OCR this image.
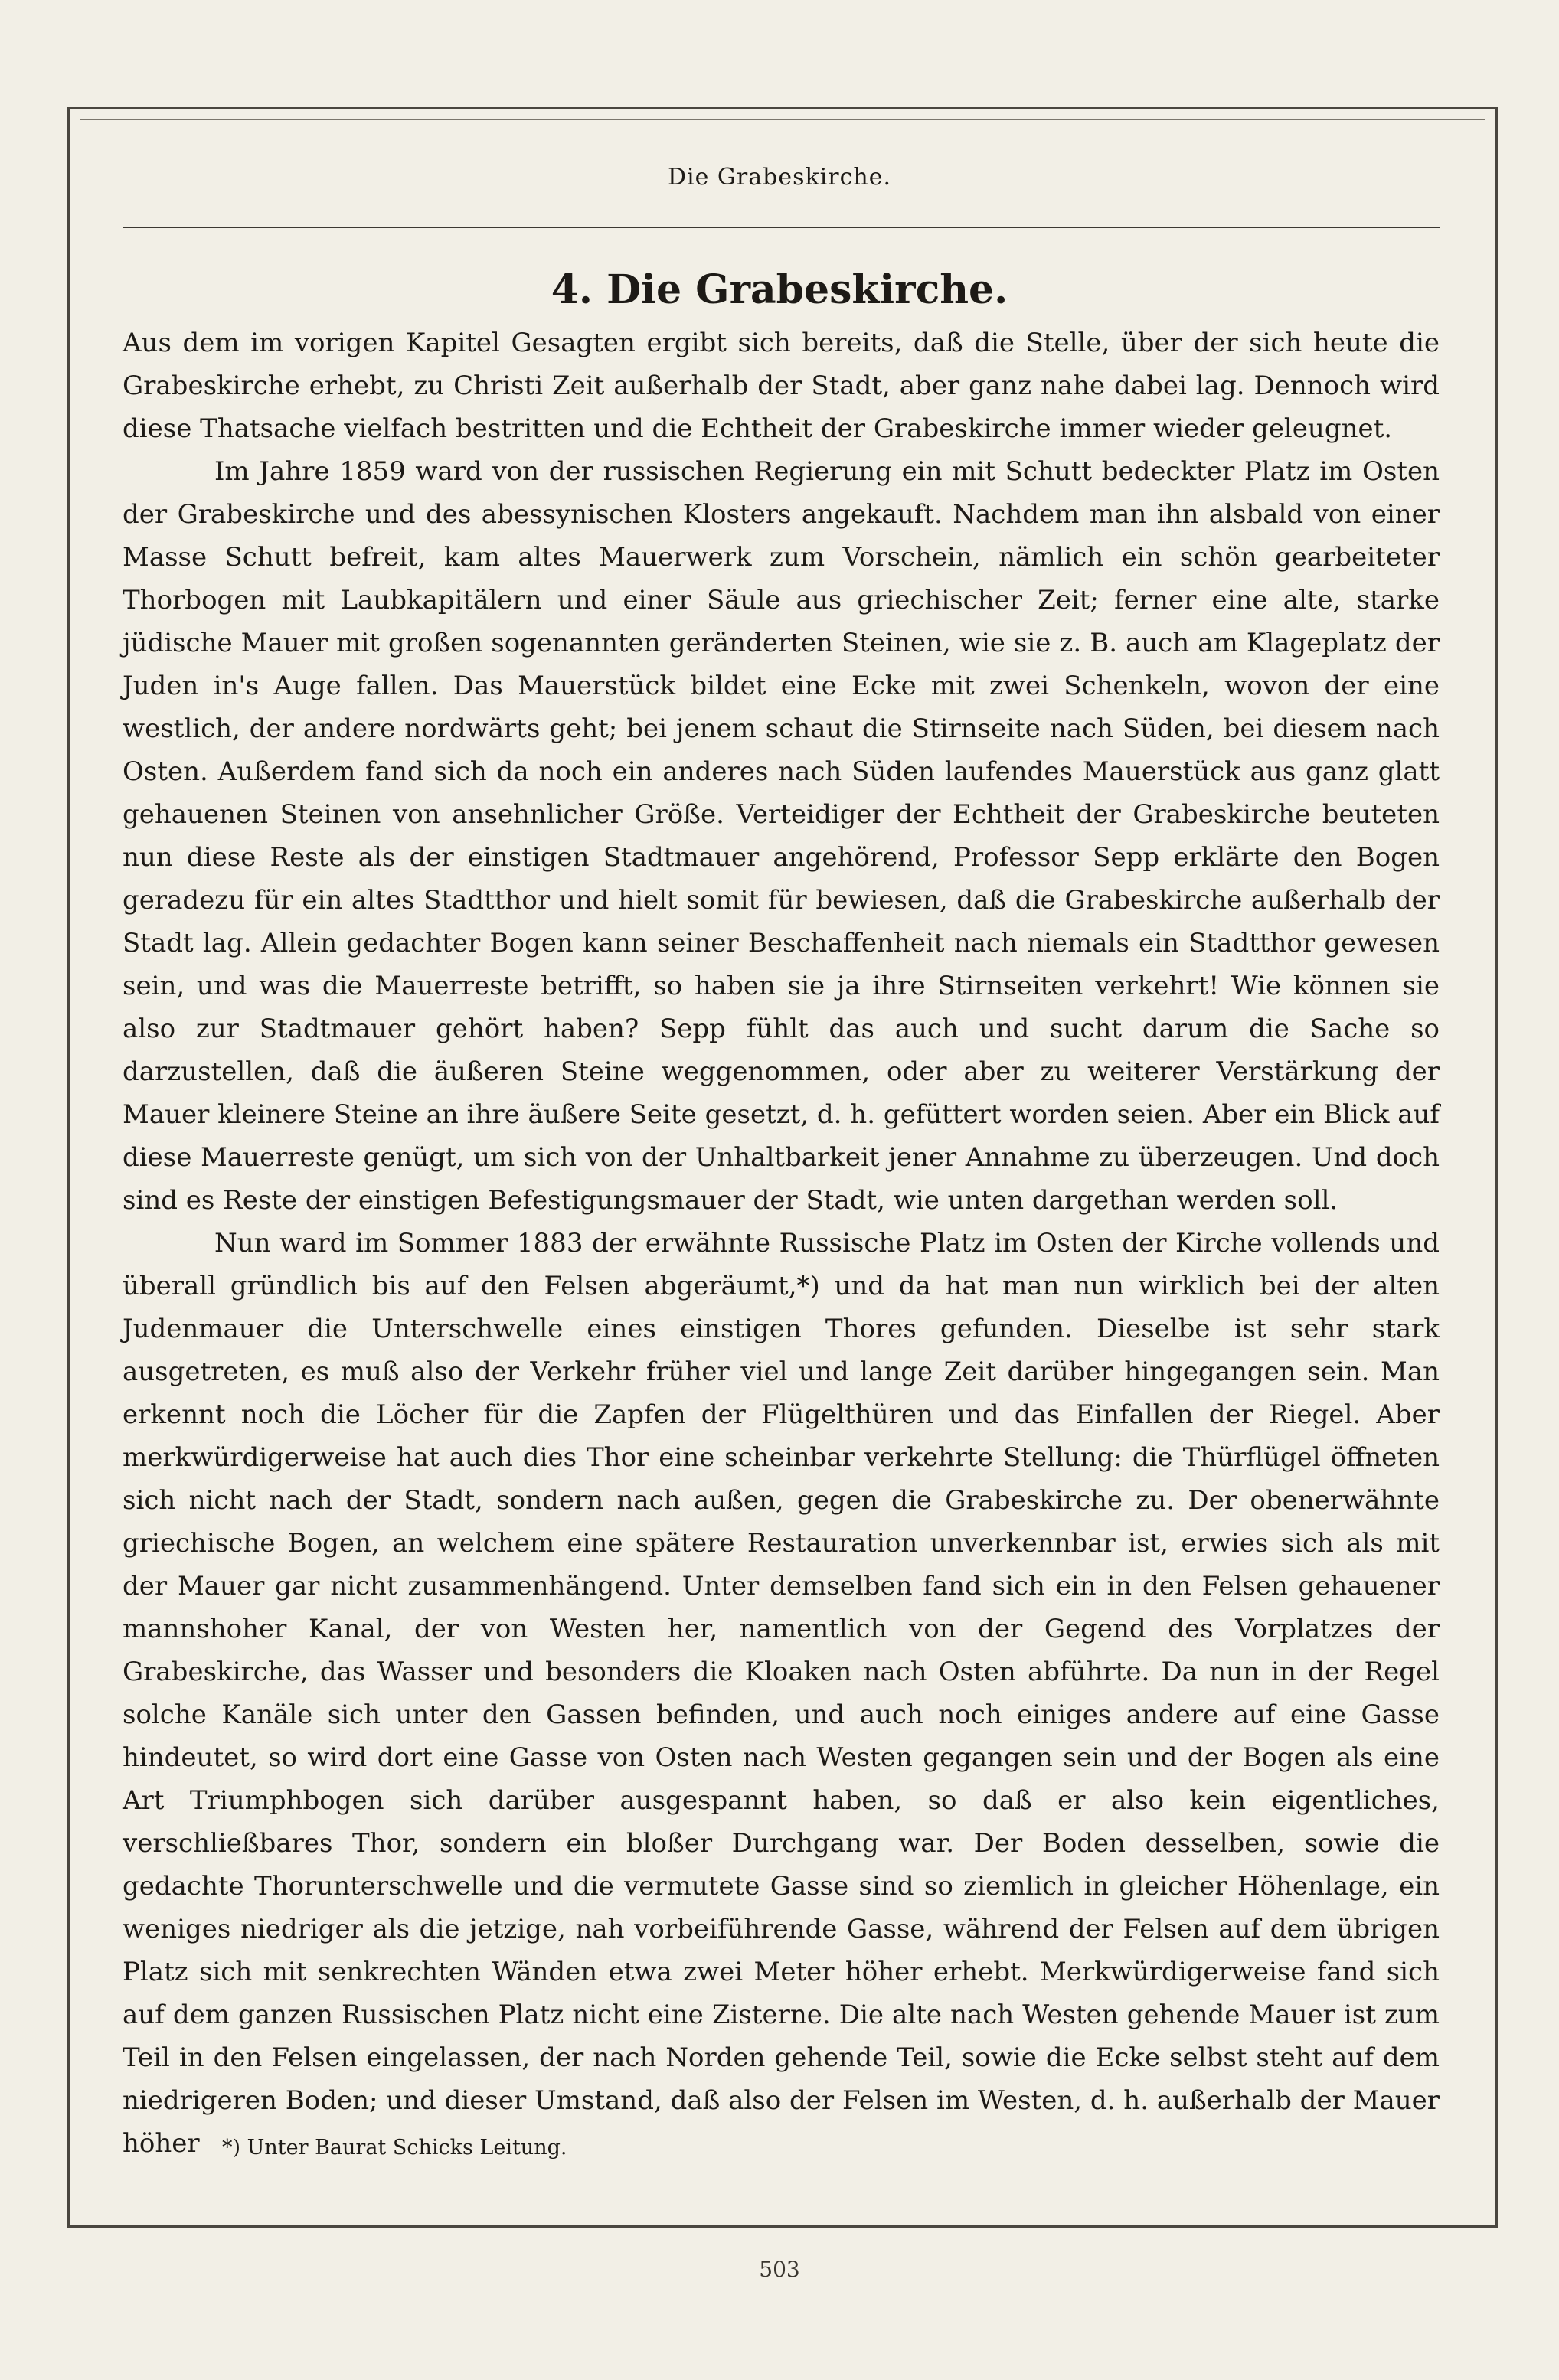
Die Grabeskirche.
4. Die Grabeskirche.

Aus dem im vorigen Kapitel Gesagten ergibt sich bereits, daß die Stelle, über der sich heute die Grabeskirche erhebt, zu Christi Zeit außerhalb der Stadt, aber ganz nahe dabei lag. Dennoch wird diese Thatsache vielfach bestritten und die Echtheit der Grabeskirche immer wieder geleugnet.

Im Jahre 1859 ward von der russischen Regierung ein mit Schutt bedeckter Platz im Osten der Grabeskirche und des abessynischen Klosters angekauft. Nachdem man ihn alsbald von einer Masse Schutt befreit, kam altes Mauerwerk zum Vorschein, nämlich ein schön gearbeiteter Thorbogen mit Laubkapitälern und einer Säule aus griechischer Zeit; ferner eine alte, starke jüdische Mauer mit großen sogenannten geränderten Steinen, wie sie z. B. auch am Klageplatz der Juden in's Auge fallen. Das Mauerstück bildet eine Ecke mit zwei Schenkeln, wovon der eine westlich, der andere nordwärts geht; bei jenem schaut die Stirnseite nach Süden, bei diesem nach Osten. Außerdem fand sich da noch ein anderes nach Süden laufendes Mauerstück aus ganz glatt gehauenen Steinen von ansehnlicher Größe. Verteidiger der Echtheit der Grabeskirche beuteten nun diese Reste als der einstigen Stadtmauer angehörend, Professor Sepp erklärte den Bogen geradezu für ein altes Stadtthor und hielt somit für bewiesen, daß die Grabeskirche außerhalb der Stadt lag. Allein gedachter Bogen kann seiner Beschaffenheit nach niemals ein Stadtthor gewesen sein, und was die Mauerreste betrifft, so haben sie ja ihre Stirnseiten verkehrt! Wie können sie also zur Stadtmauer gehört haben? Sepp fühlt das auch und sucht darum die Sache so darzustellen, daß die äußeren Steine weggenommen, oder aber zu weiterer Verstärkung der Mauer kleinere Steine an ihre äußere Seite gesetzt, d. h. gefüttert worden seien. Aber ein Blick auf diese Mauerreste genügt, um sich von der Unhaltbarkeit jener Annahme zu überzeugen. Und doch sind es Reste der einstigen Befestigungsmauer der Stadt, wie unten dargethan werden soll.

Nun ward im Sommer 1883 der erwähnte Russische Platz im Osten der Kirche vollends und überall gründlich bis auf den Felsen abgeräumt,*) und da hat man nun wirklich bei der alten Judenmauer die Unterschwelle eines einstigen Thores gefunden. Dieselbe ist sehr stark ausgetreten, es muß also der Verkehr früher viel und lange Zeit darüber hingegangen sein. Man erkennt noch die Löcher für die Zapfen der Flügelthüren und das Einfallen der Riegel. Aber merkwürdigerweise hat auch dies Thor eine scheinbar verkehrte Stellung: die Thürflügel öffneten sich nicht nach der Stadt, sondern nach außen, gegen die Grabeskirche zu. Der obenerwähnte griechische Bogen, an welchem eine spätere Restauration unverkennbar ist, erwies sich als mit der Mauer gar nicht zusammenhängend. Unter demselben fand sich ein in den Felsen gehauener mannshoher Kanal, der von Westen her, namentlich von der Gegend des Vorplatzes der Grabeskirche, das Wasser und besonders die Kloaken nach Osten abführte. Da nun in der Regel solche Kanäle sich unter den Gassen befinden, und auch noch einiges andere auf eine Gasse hindeutet, so wird dort eine Gasse von Osten nach Westen gegangen sein und der Bogen als eine Art Triumphbogen sich darüber ausgespannt haben, so daß er also kein eigentliches, verschließbares Thor, sondern ein bloßer Durchgang war. Der Boden desselben, sowie die gedachte Thorunterschwelle und die vermutete Gasse sind so ziemlich in gleicher Höhenlage, ein weniges niedriger als die jetzige, nah vorbeiführende Gasse, während der Felsen auf dem übrigen Platz sich mit senkrechten Wänden etwa zwei Meter höher erhebt. Merkwürdigerweise fand sich auf dem ganzen Russischen Platz nicht eine Zisterne. Die alte nach Westen gehende Mauer ist zum Teil in den Felsen eingelassen, der nach Norden gehende Teil, sowie die Ecke selbst steht auf dem niedrigeren Boden; und dieser Umstand, daß also der Felsen im Westen, d. h. außerhalb der Mauer höher	*) Unter Baurat Schicks Leitung.
503
